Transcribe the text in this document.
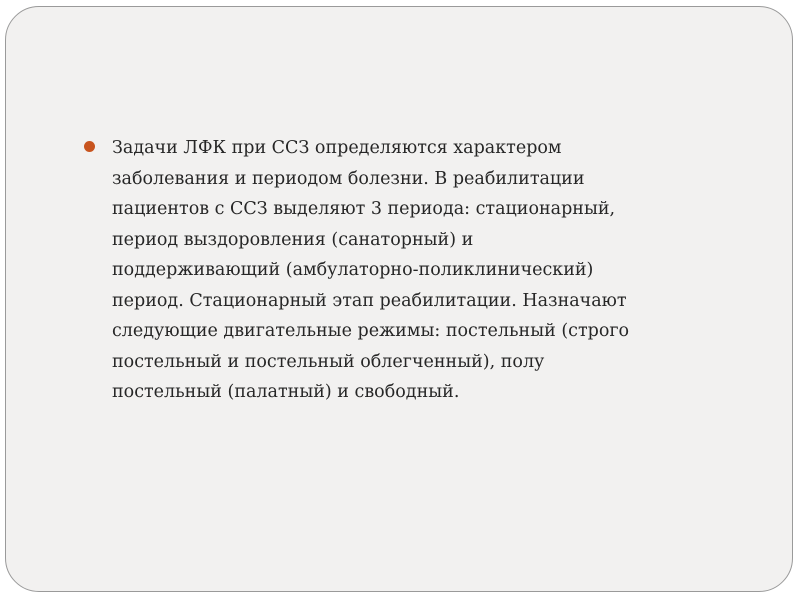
Задачи ЛФК при ССЗ определяются характером
заболевания и периодом болезни. В реабилитации
пациентов с ССЗ выделяют 3 периода: стационарный,
период выздоровления (санаторный) и
поддерживающий (амбулаторно-поликлинический)
период. Стационарный этап реабилитации. Назначают
следующие двигательные режимы: постельный (строго
постельный и постельный облегченный), полу
постельный (палатный) и свободный.
